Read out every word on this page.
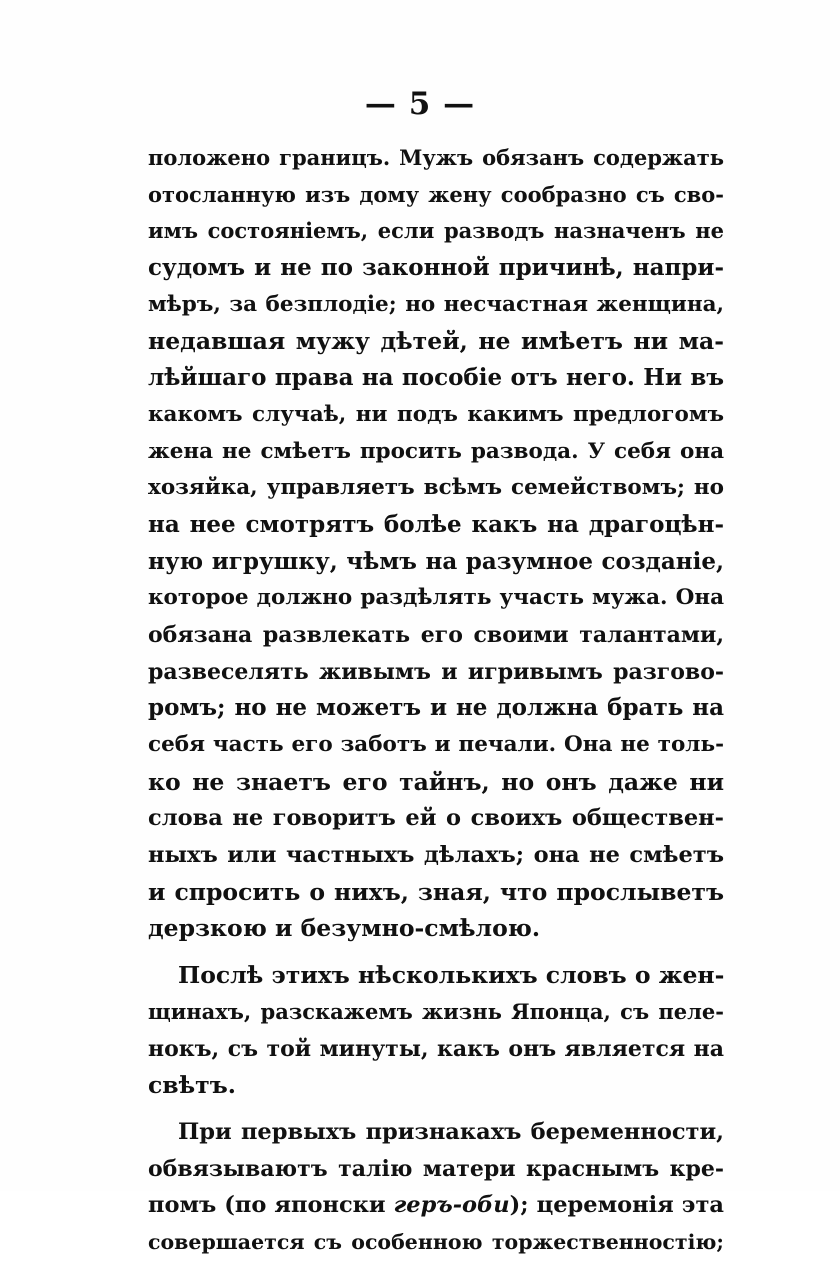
— 5 —
положено границъ. Мужъ обязанъ содержать
отосланную изъ дому жену сообразно съ сво-
имъ состояніемъ, если разводъ назначенъ не
судомъ и не по законной причинѣ, напри-
мѣръ, за безплодіе; но несчастная женщина,
недавшая мужу дѣтей, не имѣетъ ни ма-
лѣйшаго права на пособіе отъ него. Ни въ
какомъ случаѣ, ни подъ какимъ предлогомъ
жена не смѣетъ просить развода. У себя она
хозяйка, управляетъ всѣмъ семействомъ; но
на нее смотрятъ болѣе какъ на драгоцѣн-
ную игрушку, чѣмъ на разумное созданіе,
которое должно раздѣлять участь мужа. Она
обязана развлекать его своими талантами,
развеселять живымъ и игривымъ разгово-
ромъ; но не можетъ и не должна брать на
себя часть его заботъ и печали. Она не толь-
ко не знаетъ его тайнъ, но онъ даже ни
слова не говоритъ ей о своихъ обществен-
ныхъ или частныхъ дѣлахъ; она не смѣетъ
и спросить о нихъ, зная, что прослыветъ
дерзкою и безумно-смѣлою.
Послѣ этихъ нѣсколькихъ словъ о жен-
щинахъ, разскажемъ жизнь Японца, съ пеле-
нокъ, съ той минуты, какъ онъ является на
свѣтъ.
При первыхъ признакахъ беременности,
обвязываютъ талію матери краснымъ кре-
помъ (по японски геръ-оби); церемонія эта
совершается съ особенною торжественностію;
